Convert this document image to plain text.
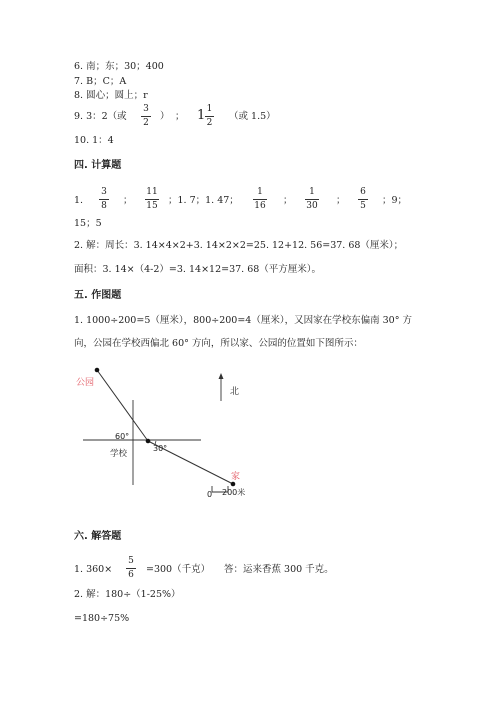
6. 南；东；30；400
7. B；C；A
8. 圆心；圆上；r
9. 3：2（或
3
2
） ； 1 1
2
（或 1.5）
10. 1：4
四. 计算题
1.
3
8 ；
11
15 ；1. 7；1. 47；
1
16 ；
1
30 ；
6
5 ；9；
15；5
2. 解：周长：3. 14×4×2+3. 14×2×2=25. 12+12. 56=37. 68（厘米）；
面积：3. 14×（4-2）=3. 14×12=37. 68（平方厘米）。
五. 作图题
1. 1000÷200=5（厘米），800÷200=4（厘米），又因家在学校东偏南 30° 方
向，公园在学校西偏北 60° 方向，所以家、公园的位置如下图所示：
公园
家
学校
北
60°
30°
0 200米
六. 解答题
1. 360×
5
6 =300（千克） 答：运来香蕉 300 千克。
2. 解：180÷（1-25%）
=180÷75%
